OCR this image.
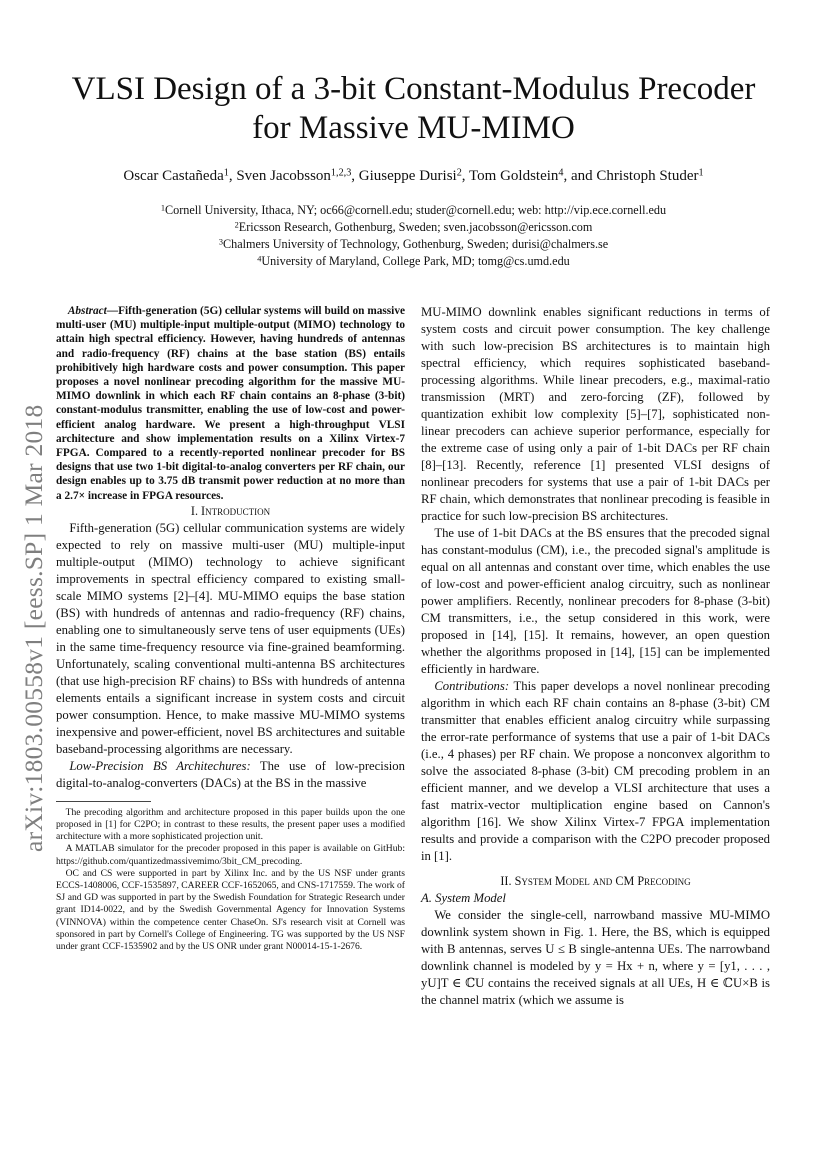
arXiv:1803.00558v1 [eess.SP] 1 Mar 2018
VLSI Design of a 3-bit Constant-Modulus Precoder
for Massive MU-MIMO
Oscar Castañeda$^1$, Sven Jacobsson$^{1,2,3}$, Giuseppe Durisi$^2$, Tom Goldstein$^4$, and Christoph Studer$^1$
$^1$Cornell University, Ithaca, NY; oc66@cornell.edu; studer@cornell.edu; web: http://vip.ece.cornell.edu
$^2$Ericsson Research, Gothenburg, Sweden; sven.jacobsson@ericsson.com
$^3$Chalmers University of Technology, Gothenburg, Sweden; durisi@chalmers.se
$^4$University of Maryland, College Park, MD; tomg@cs.umd.edu

Abstract—Fifth-generation (5G) cellular systems will build on massive multi-user (MU) multiple-input multiple-output (MIMO) technology to attain high spectral efficiency. However, having hundreds of antennas and radio-frequency (RF) chains at the base station (BS) entails prohibitively high hardware costs and power consumption. This paper proposes a novel nonlinear precoding algorithm for the massive MU-MIMO downlink in which each RF chain contains an 8-phase (3-bit) constant-modulus transmitter, enabling the use of low-cost and power-efficient analog hardware. We present a high-throughput VLSI architecture and show implementation results on a Xilinx Virtex-7 FPGA. Compared to a recently-reported nonlinear precoder for BS designs that use two 1-bit digital-to-analog converters per RF chain, our design enables up to 3.75 dB transmit power reduction at no more than a 2.7× increase in FPGA resources.

I. Introduction

Fifth-generation (5G) cellular communication systems are widely expected to rely on massive multi-user (MU) multiple-input multiple-output (MIMO) technology to achieve significant improvements in spectral efficiency compared to existing small-scale MIMO systems [2]–[4]. MU-MIMO equips the base station (BS) with hundreds of antennas and radio-frequency (RF) chains, enabling one to simultaneously serve tens of user equipments (UEs) in the same time-frequency resource via fine-grained beamforming. Unfortunately, scaling conventional multi-antenna BS architectures (that use high-precision RF chains) to BSs with hundreds of antenna elements entails a significant increase in system costs and circuit power consumption. Hence, to make massive MU-MIMO systems inexpensive and power-efficient, novel BS architectures and suitable baseband-processing algorithms are necessary.

Low-Precision BS Architechures: The use of low-precision digital-to-analog-converters (DACs) at the BS in the massive

The precoding algorithm and architecture proposed in this paper builds upon the one proposed in [1] for C2PO; in contrast to these results, the present paper uses a modified architecture with a more sophisticated projection unit.

A MATLAB simulator for the precoder proposed in this paper is available on GitHub: https://github.com/quantizedmassivemimo/3bit_CM_precoding.

OC and CS were supported in part by Xilinx Inc. and by the US NSF under grants ECCS-1408006, CCF-1535897, CAREER CCF-1652065, and CNS-1717559. The work of SJ and GD was supported in part by the Swedish Foundation for Strategic Research under grant ID14-0022, and by the Swedish Governmental Agency for Innovation Systems (VINNOVA) within the competence center ChaseOn. SJ's research visit at Cornell was sponsored in part by Cornell's College of Engineering. TG was supported by the US NSF under grant CCF-1535902 and by the US ONR under grant N00014-15-1-2676.

MU-MIMO downlink enables significant reductions in terms of system costs and circuit power consumption. The key challenge with such low-precision BS architectures is to maintain high spectral efficiency, which requires sophisticated baseband-processing algorithms. While linear precoders, e.g., maximal-ratio transmission (MRT) and zero-forcing (ZF), followed by quantization exhibit low complexity [5]–[7], sophisticated non-linear precoders can achieve superior performance, especially for the extreme case of using only a pair of 1-bit DACs per RF chain [8]–[13]. Recently, reference [1] presented VLSI designs of nonlinear precoders for systems that use a pair of 1-bit DACs per RF chain, which demonstrates that nonlinear precoding is feasible in practice for such low-precision BS architectures.

The use of 1-bit DACs at the BS ensures that the precoded signal has constant-modulus (CM), i.e., the precoded signal's amplitude is equal on all antennas and constant over time, which enables the use of low-cost and power-efficient analog circuitry, such as nonlinear power amplifiers. Recently, nonlinear precoders for 8-phase (3-bit) CM transmitters, i.e., the setup considered in this work, were proposed in [14], [15]. It remains, however, an open question whether the algorithms proposed in [14], [15] can be implemented efficiently in hardware.

Contributions: This paper develops a novel nonlinear precoding algorithm in which each RF chain contains an 8-phase (3-bit) CM transmitter that enables efficient analog circuitry while surpassing the error-rate performance of systems that use a pair of 1-bit DACs (i.e., 4 phases) per RF chain. We propose a nonconvex algorithm to solve the associated 8-phase (3-bit) CM precoding problem in an efficient manner, and we develop a VLSI architecture that uses a fast matrix-vector multiplication engine based on Cannon's algorithm [16]. We show Xilinx Virtex-7 FPGA implementation results and provide a comparison with the C2PO precoder proposed in [1].

II. System Model and CM Precoding

A. System Model

We consider the single-cell, narrowband massive MU-MIMO downlink system shown in Fig. 1. Here, the BS, which is equipped with B antennas, serves U ≤ B single-antenna UEs. The narrowband downlink channel is modeled by y = Hx + n, where y = [y1, . . . , yU]T ∈ ℂU contains the received signals at all UEs, H ∈ ℂU×B is the channel matrix (which we assume is
